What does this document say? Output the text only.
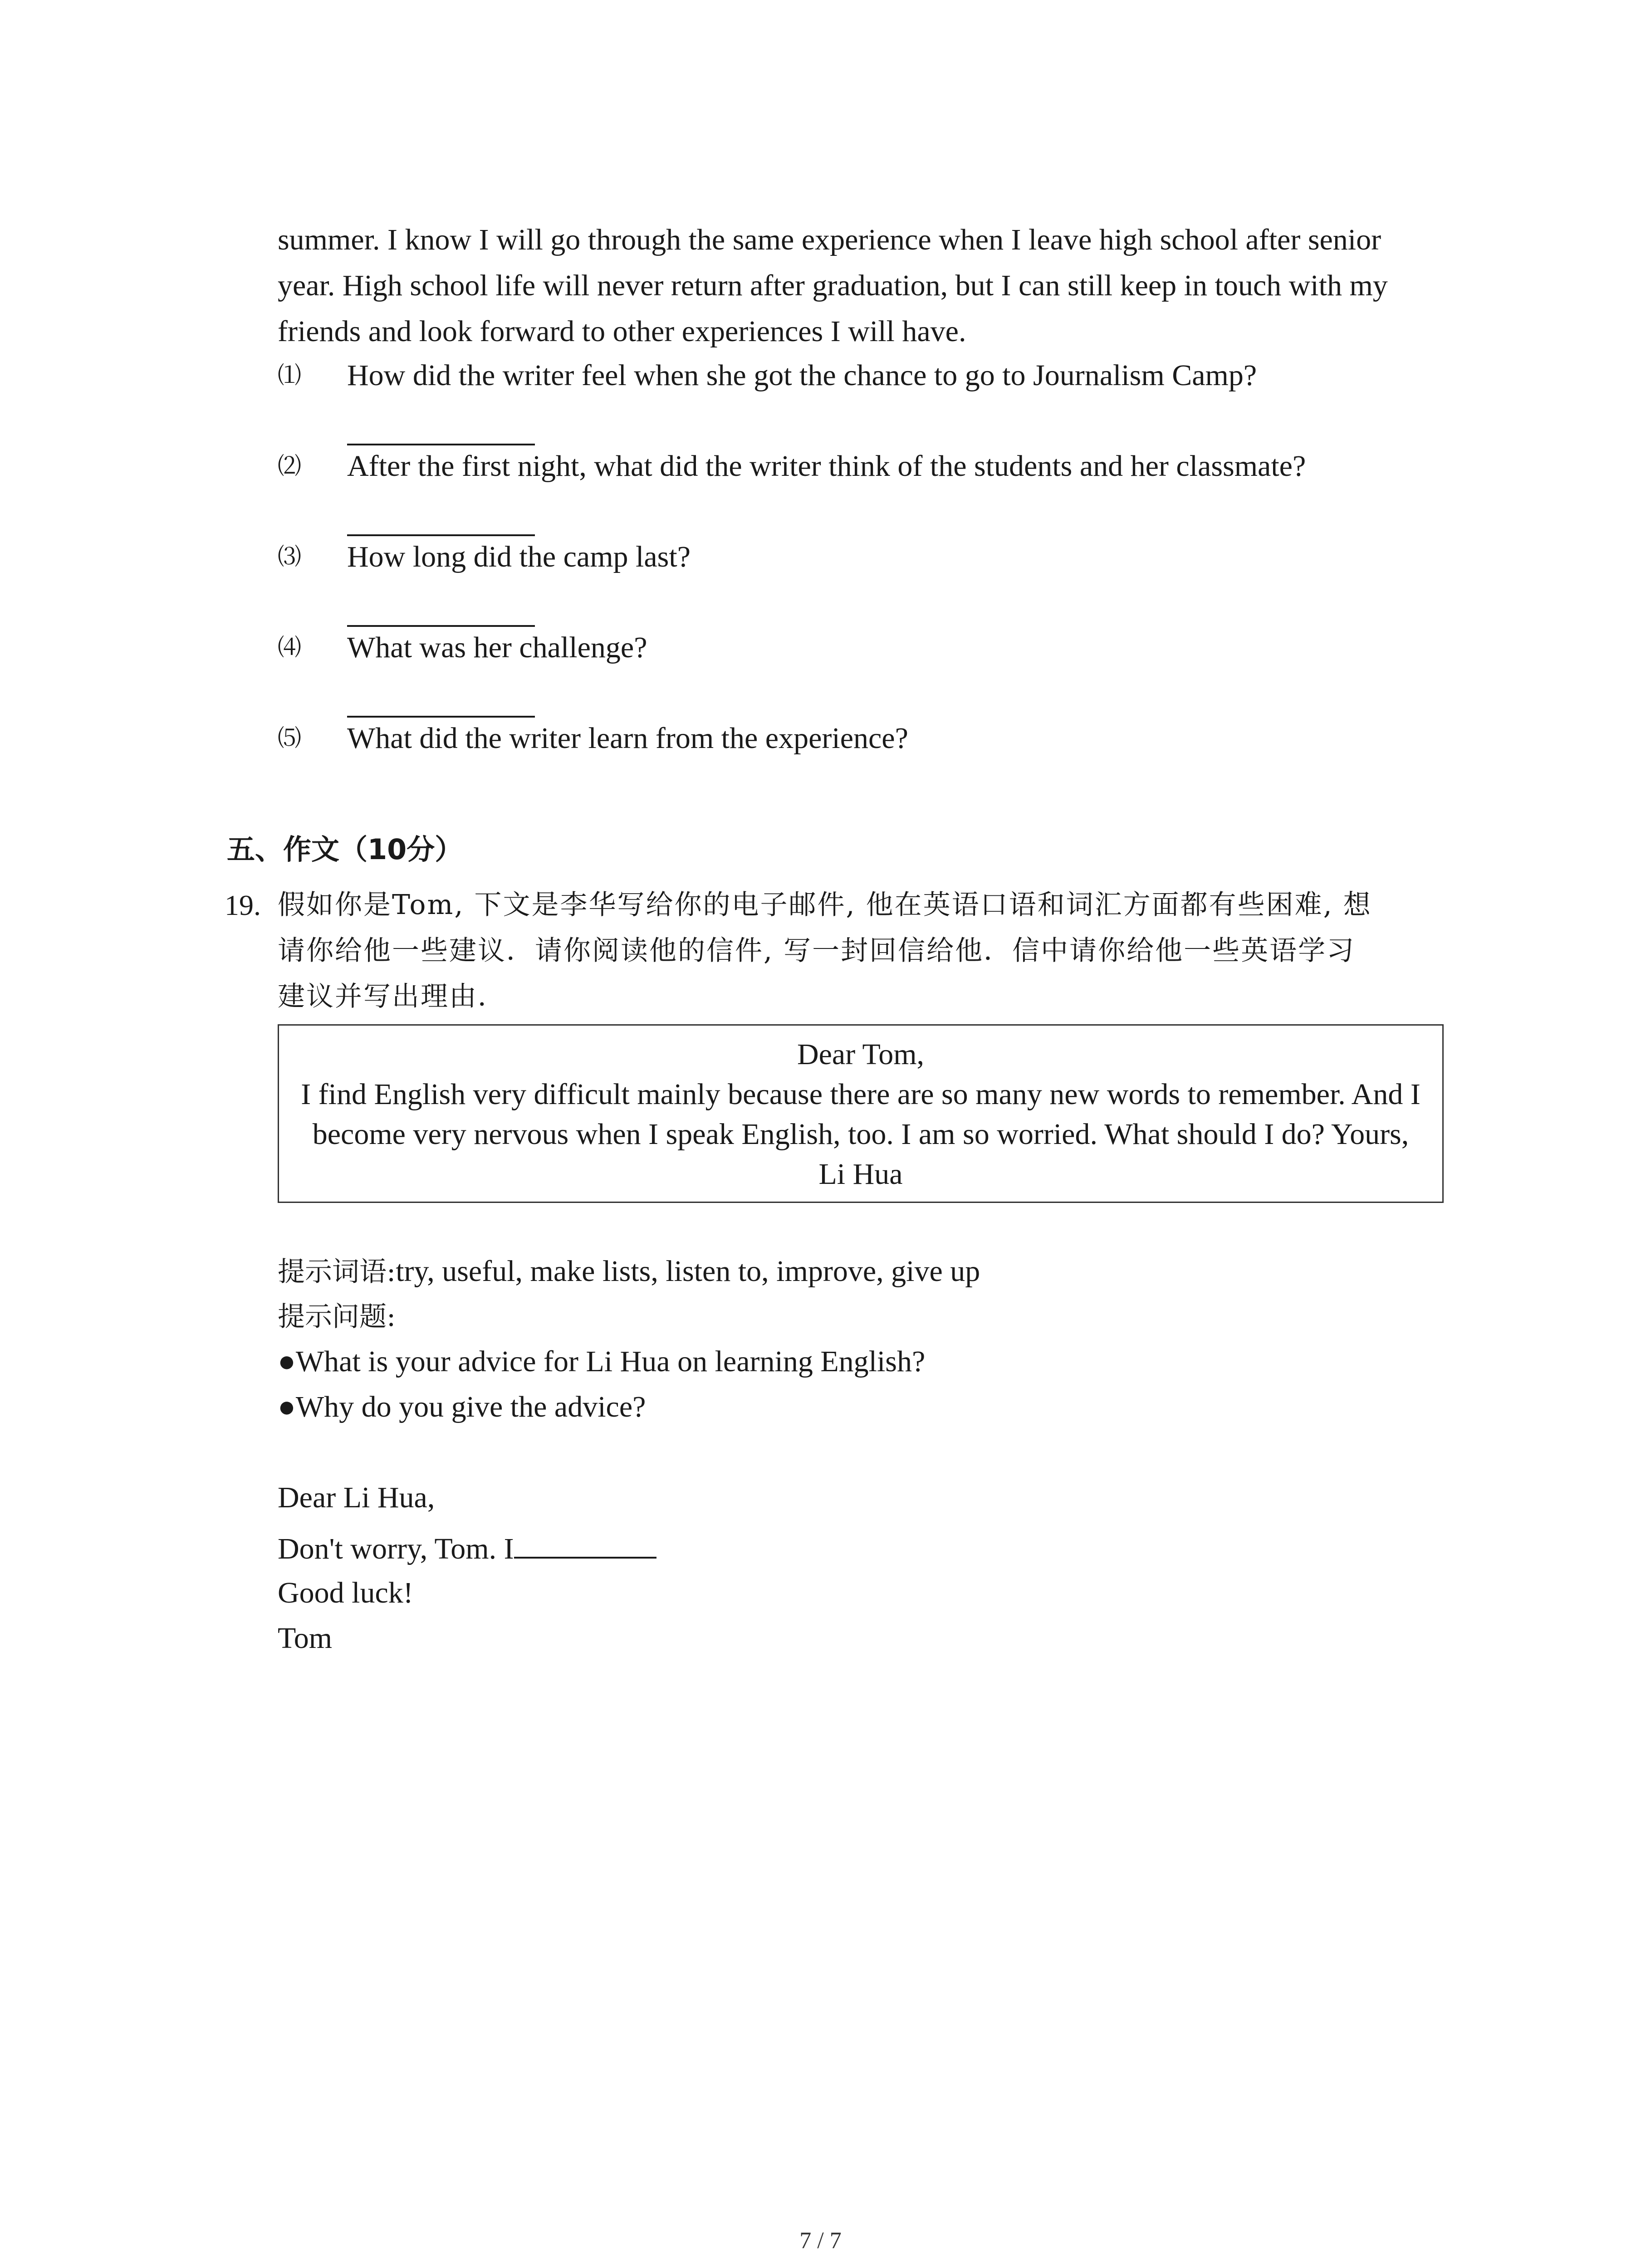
summer. I know I will go through the same experience when I leave high school after senior

year. High school life will never return after graduation, but I can still keep in touch with my

friends and look forward to other experiences I will have.

⑴ How did the writer feel when she got the chance to go to Journalism Camp?
⑵ After the first night, what did the writer think of the students and her classmate?
⑶ How long did the camp last?
⑷ What was her challenge?
⑸ What did the writer learn from the experience?
五、作文（10分）
19. 假如你是Tom, 下文是李华写给你的电子邮件, 他在英语口语和词汇方面都有些困难, 想
请你给他一些建议．请你阅读他的信件, 写一封回信给他．信中请你给他一些英语学习
建议并写出理由．
Dear Tom,
I find English very difficult mainly because there are so many new words to remember. And I
become very nervous when I speak English, too. I am so worried. What should I do? Yours,
Li Hua
提示词语:try, useful, make lists, listen to, improve, give up
提示问题:
●What is your advice for Li Hua on learning English?
●Why do you give the advice?
Dear Li Hua,
Don't worry, Tom. I
Good luck!
Tom
7 / 7
